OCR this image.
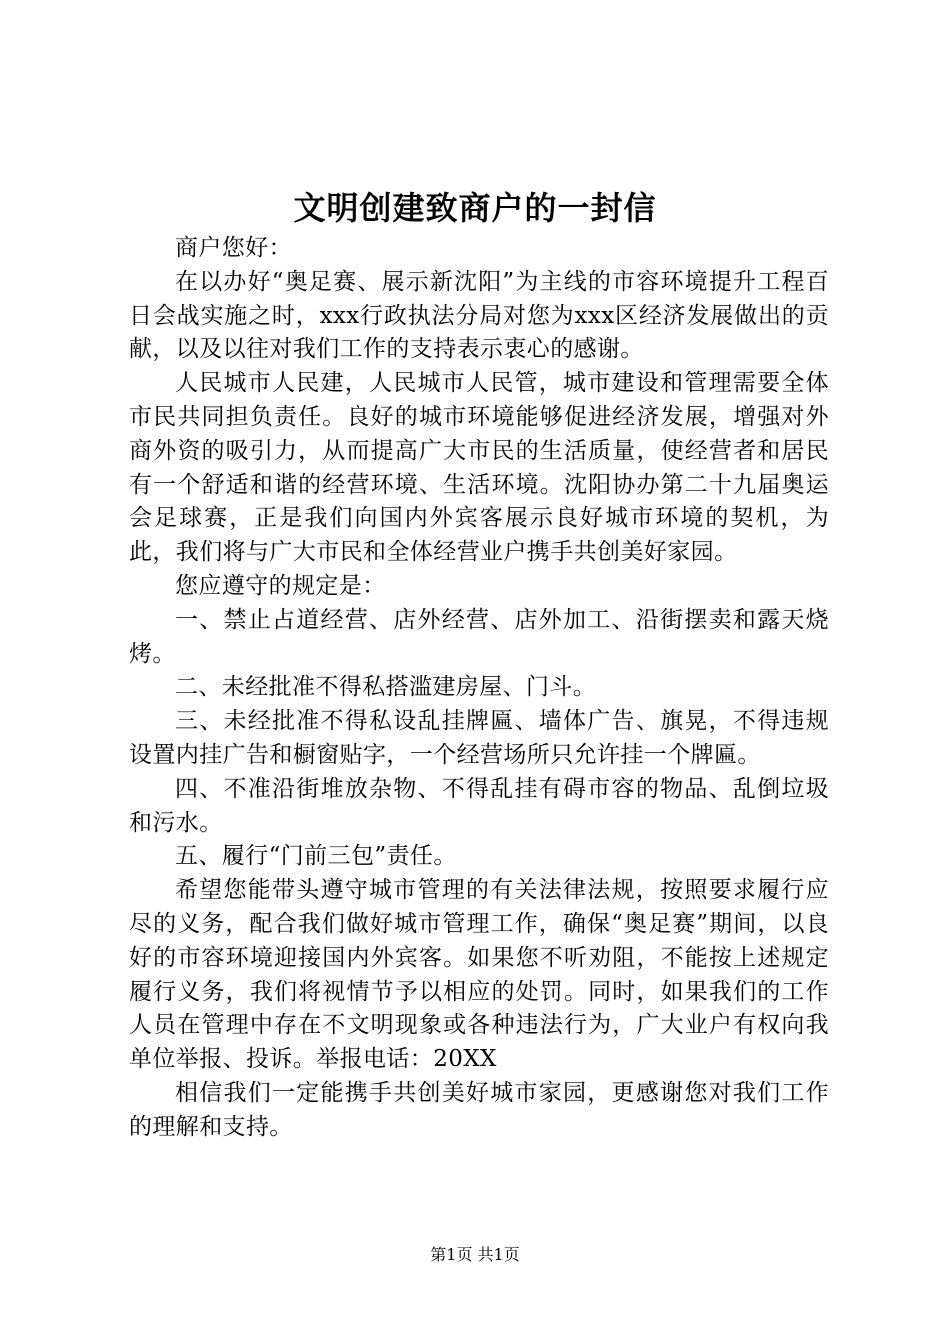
文明创建致商户的一封信

商户您好：

在以办好“奥足赛、展示新沈阳”为主线的市容环境提升工程百日会战实施之时，xxx行政执法分局对您为xxx区经济发展做出的贡献，以及以往对我们工作的支持表示衷心的感谢。

人民城市人民建，人民城市人民管，城市建设和管理需要全体市民共同担负责任。良好的城市环境能够促进经济发展，增强对外商外资的吸引力，从而提高广大市民的生活质量，使经营者和居民有一个舒适和谐的经营环境、生活环境。沈阳协办第二十九届奥运会足球赛，正是我们向国内外宾客展示良好城市环境的契机，为此，我们将与广大市民和全体经营业户携手共创美好家园。

您应遵守的规定是：

一、禁止占道经营、店外经营、店外加工、沿街摆卖和露天烧烤。

二、未经批准不得私搭滥建房屋、门斗。

三、未经批准不得私设乱挂牌匾、墙体广告、旗晃，不得违规设置内挂广告和橱窗贴字，一个经营场所只允许挂一个牌匾。

四、不准沿街堆放杂物、不得乱挂有碍市容的物品、乱倒垃圾和污水。

五、履行“门前三包”责任。

希望您能带头遵守城市管理的有关法律法规，按照要求履行应尽的义务，配合我们做好城市管理工作，确保“奥足赛”期间，以良好的市容环境迎接国内外宾客。如果您不听劝阻，不能按上述规定履行义务，我们将视情节予以相应的处罚。同时，如果我们的工作人员在管理中存在不文明现象或各种违法行为，广大业户有权向我单位举报、投诉。举报电话：20XX

相信我们一定能携手共创美好城市家园，更感谢您对我们工作的理解和支持。

第1页 共1页
